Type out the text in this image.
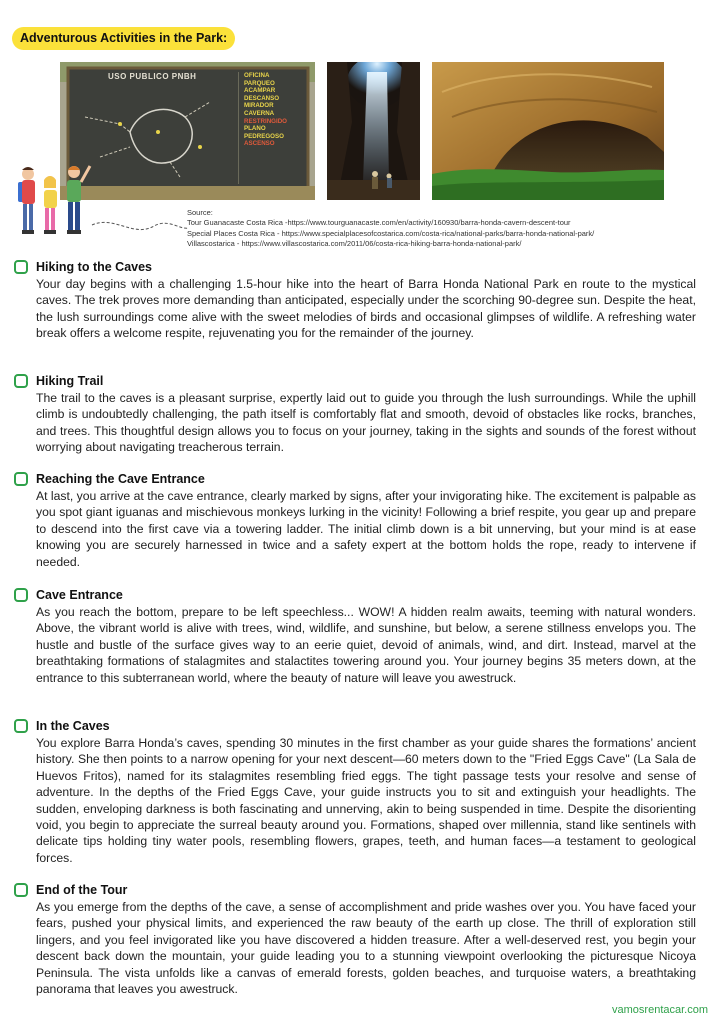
Adventurous Activities in the Park:
USO PUBLICO PNBH	OFICINA
PARQUEO
ACAMPAR
DESCANSO
MIRADOR
CAVERNA
RESTRINGIDO
PLANO
PEDREGOSO
ASCENSO
Source:
Tour Guanacaste Costa Rica -https://www.tourguanacaste.com/en/activity/160930/barra-honda-cavern-descent-tour
Special Places Costa Rica - https://www.specialplacesofcostarica.com/costa-rica/national-parks/barra-honda-national-park/
Villascostarica - https://www.villascostarica.com/2011/06/costa-rica-hiking-barra-honda-national-park/
Hiking to the Caves
Your day begins with a challenging 1.5-hour hike into the heart of Barra Honda National Park en route to the mystical caves. The trek proves more demanding than anticipated, especially under the scorching 90-degree sun. Despite the heat, the lush surroundings come alive with the sweet melodies of birds and occasional glimpses of wildlife. A refreshing water break offers a welcome respite, rejuvenating you for the remainder of the journey.
Hiking Trail
The trail to the caves is a pleasant surprise, expertly laid out to guide you through the lush surroundings. While the uphill climb is undoubtedly challenging, the path itself is comfortably flat and smooth, devoid of obstacles like rocks, branches, and trees. This thoughtful design allows you to focus on your journey, taking in the sights and sounds of the forest without worrying about navigating treacherous terrain.
Reaching the Cave Entrance
At last, you arrive at the cave entrance, clearly marked by signs, after your invigorating hike. The excitement is palpable as you spot giant iguanas and mischievous monkeys lurking in the vicinity! Following a brief respite, you gear up and prepare to descend into the first cave via a towering ladder. The initial climb down is a bit unnerving, but your mind is at ease knowing you are securely harnessed in twice and a safety expert at the bottom holds the rope, ready to intervene if needed.
Cave Entrance
As you reach the bottom, prepare to be left speechless... WOW! A hidden realm awaits, teeming with natural wonders. Above, the vibrant world is alive with trees, wind, wildlife, and sunshine, but below, a serene stillness envelops you. The hustle and bustle of the surface gives way to an eerie quiet, devoid of animals, wind, and dirt. Instead, marvel at the breathtaking formations of stalagmites and stalactites towering around you. Your journey begins 35 meters down, at the entrance to this subterranean world, where the beauty of nature will leave you awestruck.
In the Caves
You explore Barra Honda’s caves, spending 30 minutes in the first chamber as your guide shares the formations’ ancient history. She then points to a narrow opening for your next descent—60 meters down to the "Fried Eggs Cave" (La Sala de Huevos Fritos), named for its stalagmites resembling fried eggs. The tight passage tests your resolve and sense of adventure. In the depths of the Fried Eggs Cave, your guide instructs you to sit and extinguish your headlights. The sudden, enveloping darkness is both fascinating and unnerving, akin to being suspended in time. Despite the disorienting void, you begin to appreciate the surreal beauty around you. Formations, shaped over millennia, stand like sentinels with delicate tips holding tiny water pools, resembling flowers, grapes, teeth, and human faces—a testament to geological forces.
End of the Tour
As you emerge from the depths of the cave, a sense of accomplishment and pride washes over you. You have faced your fears, pushed your physical limits, and experienced the raw beauty of the earth up close. The thrill of exploration still lingers, and you feel invigorated like you have discovered a hidden treasure. After a well-deserved rest, you begin your descent back down the mountain, your guide leading you to a stunning viewpoint overlooking the picturesque Nicoya Peninsula. The vista unfolds like a canvas of emerald forests, golden beaches, and turquoise waters, a breathtaking panorama that leaves you awestruck.
vamosrentacar.com
